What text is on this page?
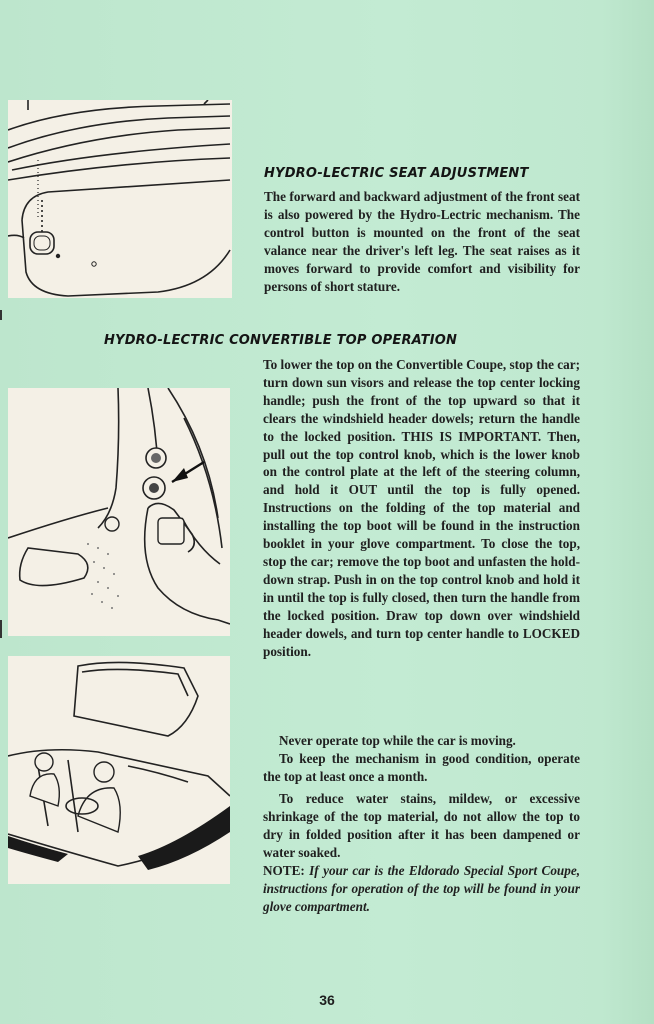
HYDRO-LECTRIC SEAT ADJUSTMENT
The forward and backward adjustment of the front seat is also powered by the Hydro-Lectric mechanism. The control button is mounted on the front of the seat valance near the driver's left leg. The seat raises as it moves forward to provide comfort and visibility for persons of short stature.
HYDRO-LECTRIC CONVERTIBLE TOP OPERATION
To lower the top on the Convertible Coupe, stop the car; turn down sun visors and release the top center locking handle; push the front of the top upward so that it clears the windshield header dowels; return the handle to the locked position. THIS IS IMPORTANT. Then, pull out the top control knob, which is the lower knob on the control plate at the left of the steering column, and hold it OUT until the top is fully opened. Instructions on the folding of the top material and installing the top boot will be found in the instruction booklet in your glove compartment. To close the top, stop the car; remove the top boot and unfasten the hold-down strap. Push in on the top control knob and hold it in until the top is fully closed, then turn the handle from the locked position. Draw top down over windshield header dowels, and turn top center handle to LOCKED position.
Never operate top while the car is moving.
To keep the mechanism in good condition, operate the top at least once a month.
To reduce water stains, mildew, or excessive shrinkage of the top material, do not allow the top to dry in folded position after it has been dampened or water soaked.
NOTE: If your car is the Eldorado Special Sport Coupe, instructions for operation of the top will be found in your glove compartment.
36
